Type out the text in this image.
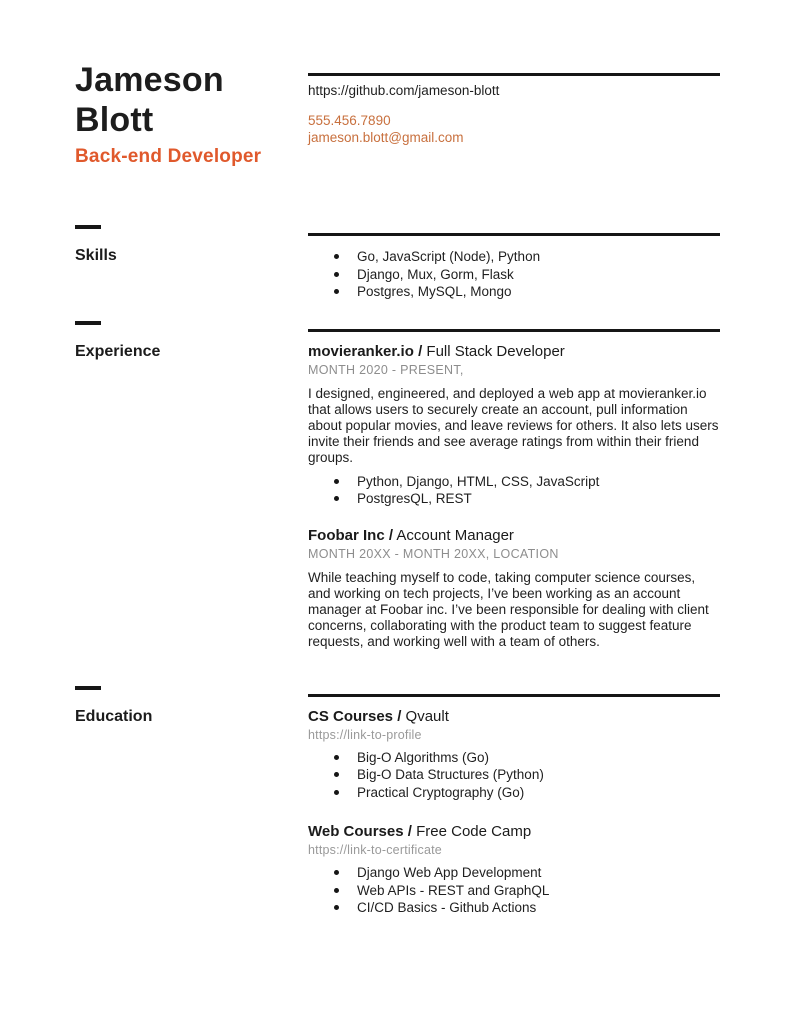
Jameson
Blott
Back-end Developer
https://github.com/jameson-blott
555.456.7890
jameson.blott@gmail.com
Skills	Go, JavaScript (Node), Python
Django, Mux, Gorm, Flask
Postgres, MySQL, Mongo
Experience	movieranker.io / Full Stack Developer
MONTH 2020 - PRESENT,
I designed, engineered, and deployed a web app at movieranker.io that allows users to securely create an account, pull information about popular movies, and leave reviews for others. It also lets users invite their friends and see average ratings from within their friend groups.
Python, Django, HTML, CSS, JavaScript
PostgresQL, REST
Foobar Inc / Account Manager
MONTH 20XX - MONTH 20XX, LOCATION
While teaching myself to code, taking computer science courses, and working on tech projects, I’ve been working as an account manager at Foobar inc. I’ve been responsible for dealing with client concerns, collaborating with the product team to suggest feature requests, and working well with a team of others.
Education	CS Courses / Qvault
https://link-to-profile
Big-O Algorithms (Go)
Big-O Data Structures (Python)
Practical Cryptography (Go)
Web Courses / Free Code Camp
https://link-to-certificate
Django Web App Development
Web APIs - REST and GraphQL
CI/CD Basics - Github Actions
